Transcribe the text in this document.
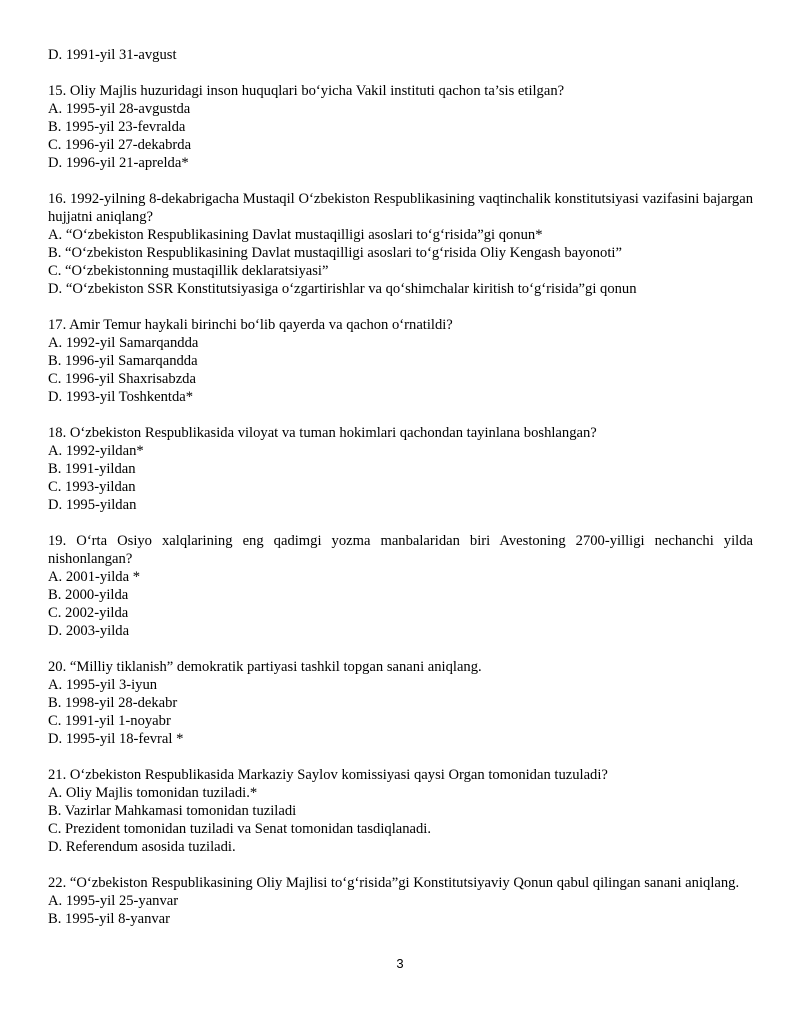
D. 1991-yil 31-avgust
15. Oliy Majlis huzuridagi inson huquqlari bo‘yicha Vakil instituti qachon ta’sis etilgan?
A. 1995-yil 28-avgustda
B. 1995-yil 23-fevralda
C. 1996-yil 27-dekabrda
D. 1996-yil 21-aprelda*
16. 1992-yilning 8-dekabrigacha Mustaqil O‘zbekiston Respublikasining vaqtinchalik konstitutsiyasi vazifasini bajargan hujjatni aniqlang?
A. “O‘zbekiston Respublikasining Davlat mustaqilligi asoslari to‘g‘risida”gi qonun*
B. “O‘zbekiston Respublikasining Davlat mustaqilligi asoslari to‘g‘risida Oliy Kengash bayonoti”
C. “O‘zbekistonning mustaqillik deklaratsiyasi”
D. “O‘zbekiston SSR Konstitutsiyasiga o‘zgartirishlar va qo‘shimchalar kiritish to‘g‘risida”gi qonun
17. Amir Temur haykali birinchi bo‘lib qayerda va qachon o‘rnatildi?
A. 1992-yil Samarqandda
B. 1996-yil Samarqandda
C. 1996-yil Shaxrisabzda
D. 1993-yil Toshkentda*
18. O‘zbekiston Respublikasida viloyat va tuman hokimlari qachondan tayinlana boshlangan?
A. 1992-yildan*
B. 1991-yildan
C. 1993-yildan
D. 1995-yildan
19. O‘rta Osiyo xalqlarining eng qadimgi yozma manbalaridan biri Avestoning 2700-yilligi nechanchi yilda nishonlangan?
A. 2001-yilda *
B. 2000-yilda
C. 2002-yilda
D. 2003-yilda
20. “Milliy tiklanish” demokratik partiyasi tashkil topgan sanani aniqlang.
A. 1995-yil 3-iyun
B. 1998-yil 28-dekabr
C. 1991-yil 1-noyabr
D. 1995-yil 18-fevral *
21. O‘zbekiston Respublikasida Markaziy Saylov komissiyasi qaysi Organ tomonidan tuzuladi?
A. Oliy Majlis tomonidan tuziladi.*
B. Vazirlar Mahkamasi tomonidan tuziladi
C. Prezident tomonidan tuziladi va Senat tomonidan tasdiqlanadi.
D. Referendum asosida tuziladi.
22. “O‘zbekiston Respublikasining Oliy Majlisi to‘g‘risida”gi Konstitutsiyaviy Qonun qabul qilingan sanani aniqlang.
A. 1995-yil 25-yanvar
B. 1995-yil 8-yanvar
3
